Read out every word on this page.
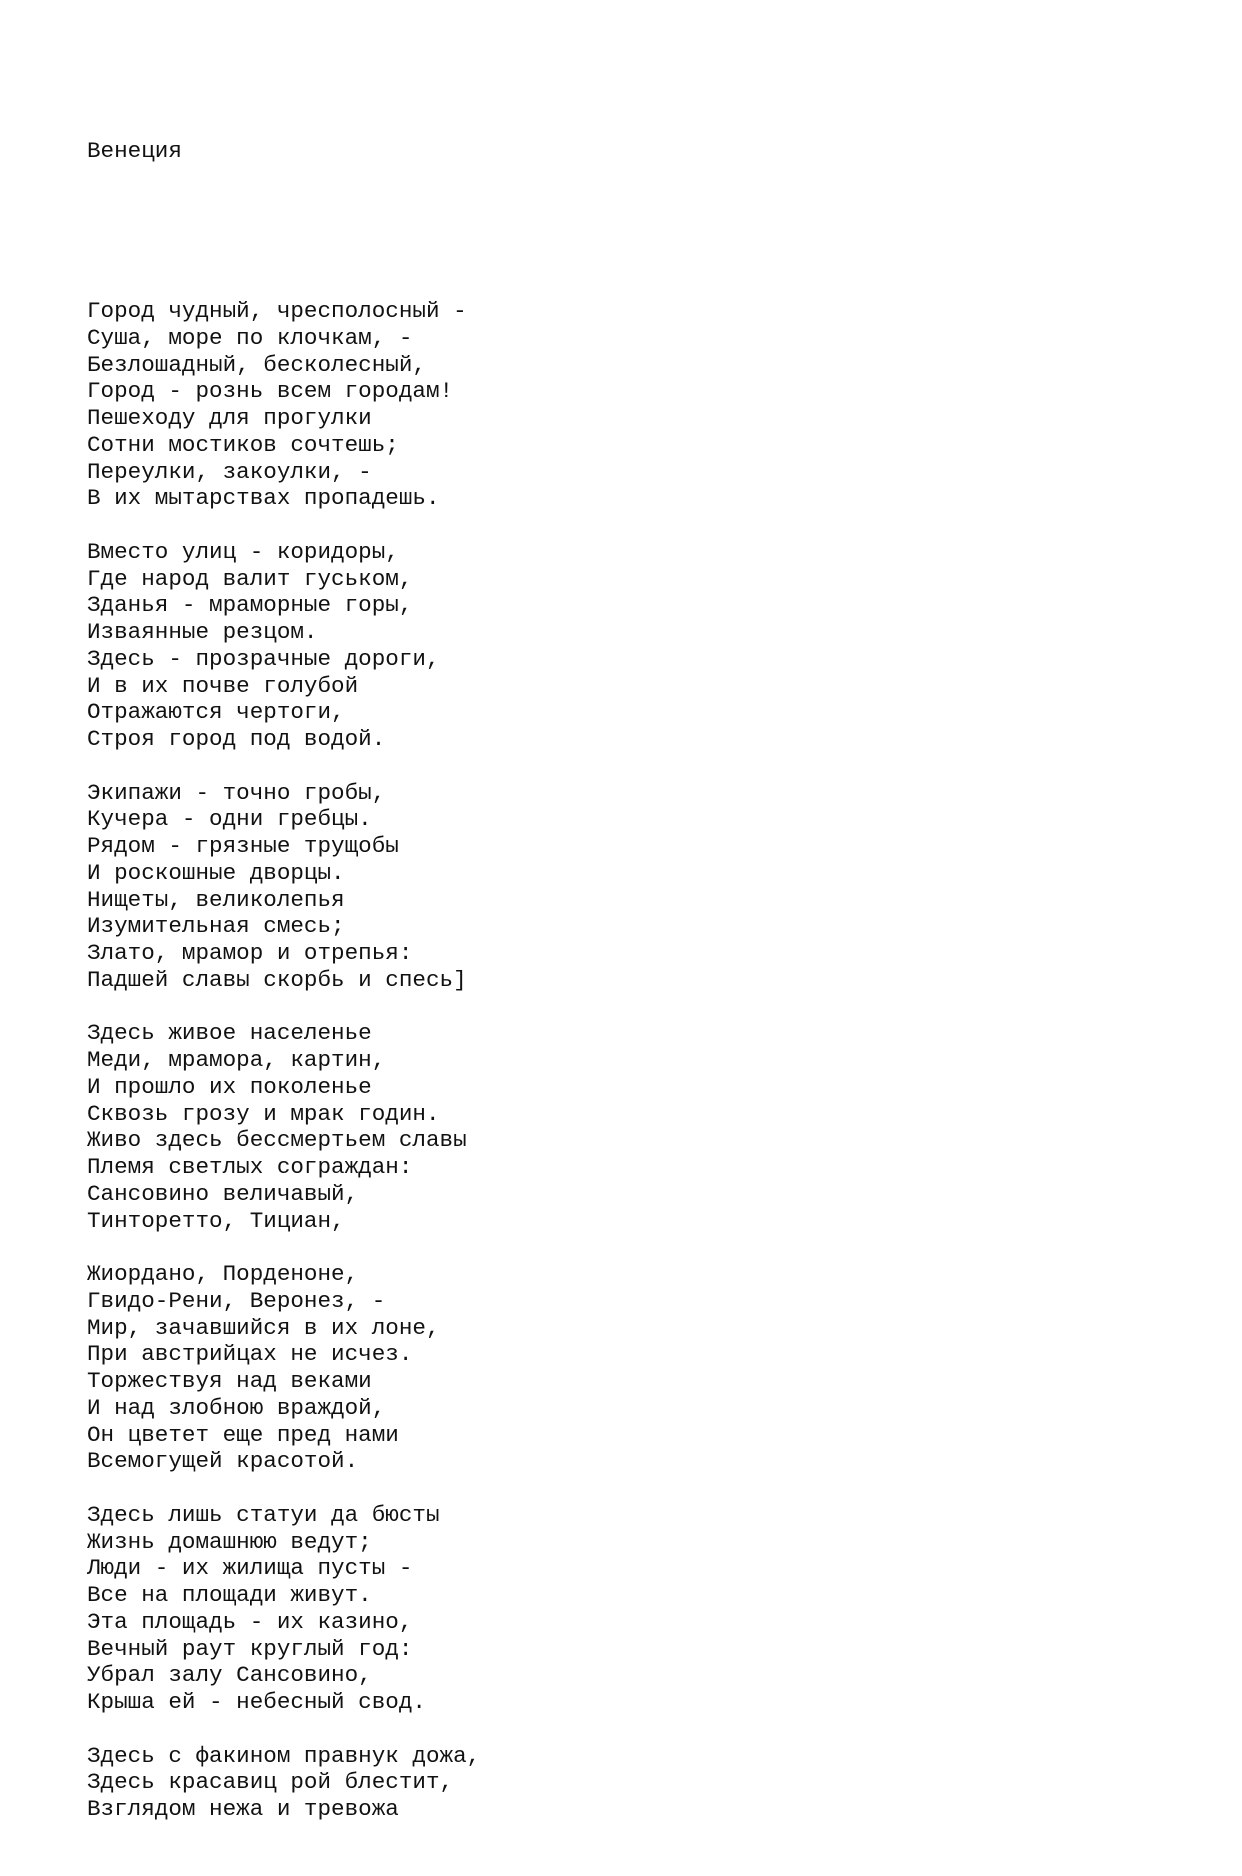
Венеция

Город чудный, чресполосный -
Суша, море по клочкам, -
Безлошадный, бесколесный,
Город - рознь всем городам!
Пешеходу для прогулки
Сотни мостиков сочтешь;
Переулки, закоулки, -
В их мытарствах пропадешь.
Вместо улиц - коридоры,
Где народ валит гуськом,
Зданья - мраморные горы,
Изваянные резцом.
Здесь - прозрачные дороги,
И в их почве голубой
Отражаются чертоги,
Строя город под водой.
Экипажи - точно гробы,
Кучера - одни гребцы.
Рядом - грязные трущобы
И роскошные дворцы.
Нищеты, великолепья
Изумительная смесь;
Злато, мрамор и отрепья:
Падшей славы скорбь и спесь]
Здесь живое населенье
Меди, мрамора, картин,
И прошло их поколенье
Сквозь грозу и мрак годин.
Живо здесь бессмертьем славы
Племя светлых сограждан:
Сансовино величавый,
Тинторетто, Тициан,
Жиордано, Порденоне,
Гвидо-Рени, Веронез, -
Мир, зачавшийся в их лоне,
При австрийцах не исчез.
Торжествуя над веками
И над злобною враждой,
Он цветет еще пред нами
Всемогущей красотой.
Здесь лишь статуи да бюсты
Жизнь домашнюю ведут;
Люди - их жилища пусты -
Все на площади живут.
Эта площадь - их казино,
Вечный раут круглый год:
Убрал залу Сансовино,
Крыша ей - небесный свод.
Здесь с факином правнук дожа,
Здесь красавиц рой блестит,
Взглядом нежа и тревожа
